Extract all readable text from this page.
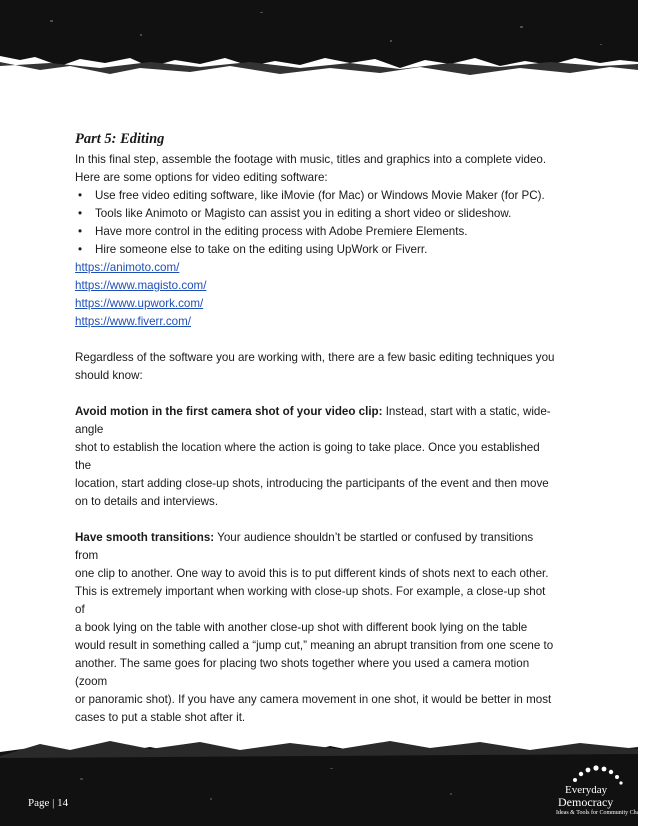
Part 5: Editing

In this final step, assemble the footage with music, titles and graphics into a complete video.

Here are some options for video editing software:

• Use free video editing software, like iMovie (for Mac) or Windows Movie Maker (for PC).
• Tools like Animoto or Magisto can assist you in editing a short video or slideshow.
• Have more control in the editing process with Adobe Premiere Elements.
• Hire someone else to take on the editing using UpWork or Fiverr.
https://animoto.com/
https://www.magisto.com/
https://www.upwork.com/
https://www.fiverr.com/

Regardless of the software you are working with, there are a few basic editing techniques you

should know:

Avoid motion in the first camera shot of your video clip: Instead, start with a static, wide-angle

shot to establish the location where the action is going to take place. Once you established the

location, start adding close-up shots, introducing the participants of the event and then move

on to details and interviews.

Have smooth transitions: Your audience shouldn’t be startled or confused by transitions from

one clip to another. One way to avoid this is to put different kinds of shots next to each other.

This is extremely important when working with close-up shots. For example, a close-up shot of

a book lying on the table with another close-up shot with different book lying on the table

would result in something called a “jump cut,” meaning an abrupt transition from one scene to

another. The same goes for placing two shots together where you used a camera motion (zoom

or panoramic shot). If you have any camera movement in one shot, it would be better in most

cases to put a stable shot after it.

Page | 14
Everyday
Democracy
Ideas & Tools for Community Change
